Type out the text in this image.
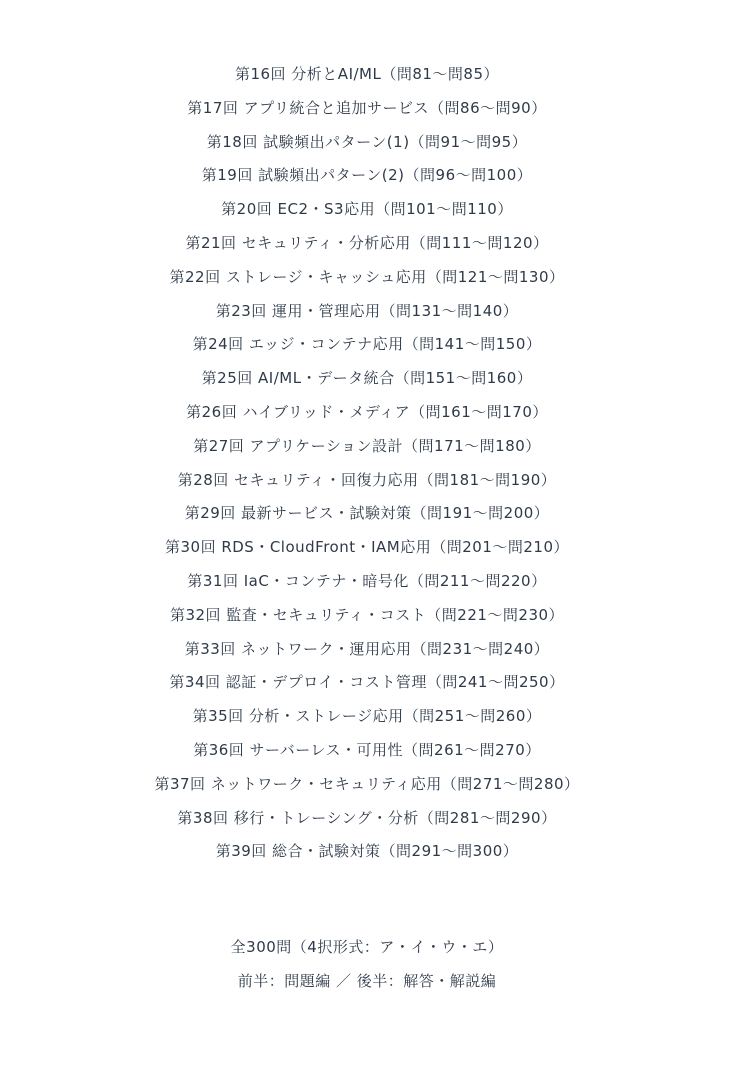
第16回 分析とAI/ML（問81～問85）
第17回 アプリ統合と追加サービス（問86～問90）
第18回 試験頻出パターン(1)（問91～問95）
第19回 試験頻出パターン(2)（問96～問100）
第20回 EC2・S3応用（問101～問110）
第21回 セキュリティ・分析応用（問111～問120）
第22回 ストレージ・キャッシュ応用（問121～問130）
第23回 運用・管理応用（問131～問140）
第24回 エッジ・コンテナ応用（問141～問150）
第25回 AI/ML・データ統合（問151～問160）
第26回 ハイブリッド・メディア（問161～問170）
第27回 アプリケーション設計（問171～問180）
第28回 セキュリティ・回復力応用（問181～問190）
第29回 最新サービス・試験対策（問191～問200）
第30回 RDS・CloudFront・IAM応用（問201～問210）
第31回 IaC・コンテナ・暗号化（問211～問220）
第32回 監査・セキュリティ・コスト（問221～問230）
第33回 ネットワーク・運用応用（問231～問240）
第34回 認証・デプロイ・コスト管理（問241～問250）
第35回 分析・ストレージ応用（問251～問260）
第36回 サーバーレス・可用性（問261～問270）
第37回 ネットワーク・セキュリティ応用（問271～問280）
第38回 移行・トレーシング・分析（問281～問290）
第39回 総合・試験対策（問291～問300）
全300問（4択形式：ア・イ・ウ・エ）
前半：問題編 ／ 後半：解答・解説編
